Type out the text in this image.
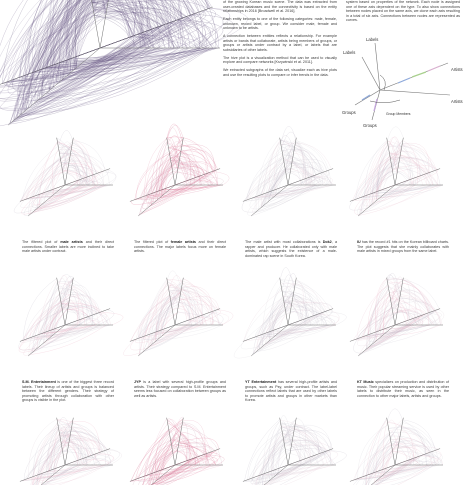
of the growing Korean music scene. The data was extracted from user-created databases and the connectivity is based on the entity relationships in 2016 [Broadwell et al. 2016].

Each entity belongs to one of the following categories: male, female, unknown, record label, or group. We consider male, female and unknown to be artists.

A connection between entities reflects a relationship. For example artists or bands that collaborate, artists being members of groups, or groups or artists under contract by a label, or labels that are subsidiaries of other labels.

The hive plot is a visualization method that can be used to visually explore and compare networks [Krzywinski et al. 2011].

We extracted subgraphs of the data set, visualize each as hive plots and use the resulting plots to compare or infer trends in the data.

system based on properties of the network. Each node is assigned one of these axis dependent on the type. To also show connections between nodes placed on the same axis, we clone each axis resulting in a total of six axis. Connections between nodes are represented as curves.

Labels
Labels
Artists
Artists
Groups
Groups
Group Members
The filtered plot of male artists and their direct connections. Smaller labels are more inclined to take male artists under contract.
The filtered plot of female artists and their direct connections. The major labels focus more on female artists.
The male artist with most collaborations is Dok2, a rapper and producer. He collaborated only with male artists, which suggests the existence of a male-dominated rap scene in South Korea.
IU has the record #1 hits on the Korean billboard charts. The plot suggests that she mainly collaborates with male artists in mixed groups from the same label.
S.M. Entertainment is one of the biggest three record labels. Their lineup of artists and groups is balanced between the different genders. Their strategy of promoting artists through collaboration with other groups is visible in the plot.
JYP is a label with several high-profile groups and artists. Their strategy compared to S.M. Entertainment seems less focused on collaboration between groups as well as artists.
YT Entertainment has several high-profile artists and groups, such as Psy, under contract. The label-label connections reflect labels that are used by other labels to promote artists and groups in other markets than Korea.
KT Music specializes on production and distribution of music. Their popular streaming service is used by other labels to distribute their music, as seen in the connection to other major labels, artists and groups.
